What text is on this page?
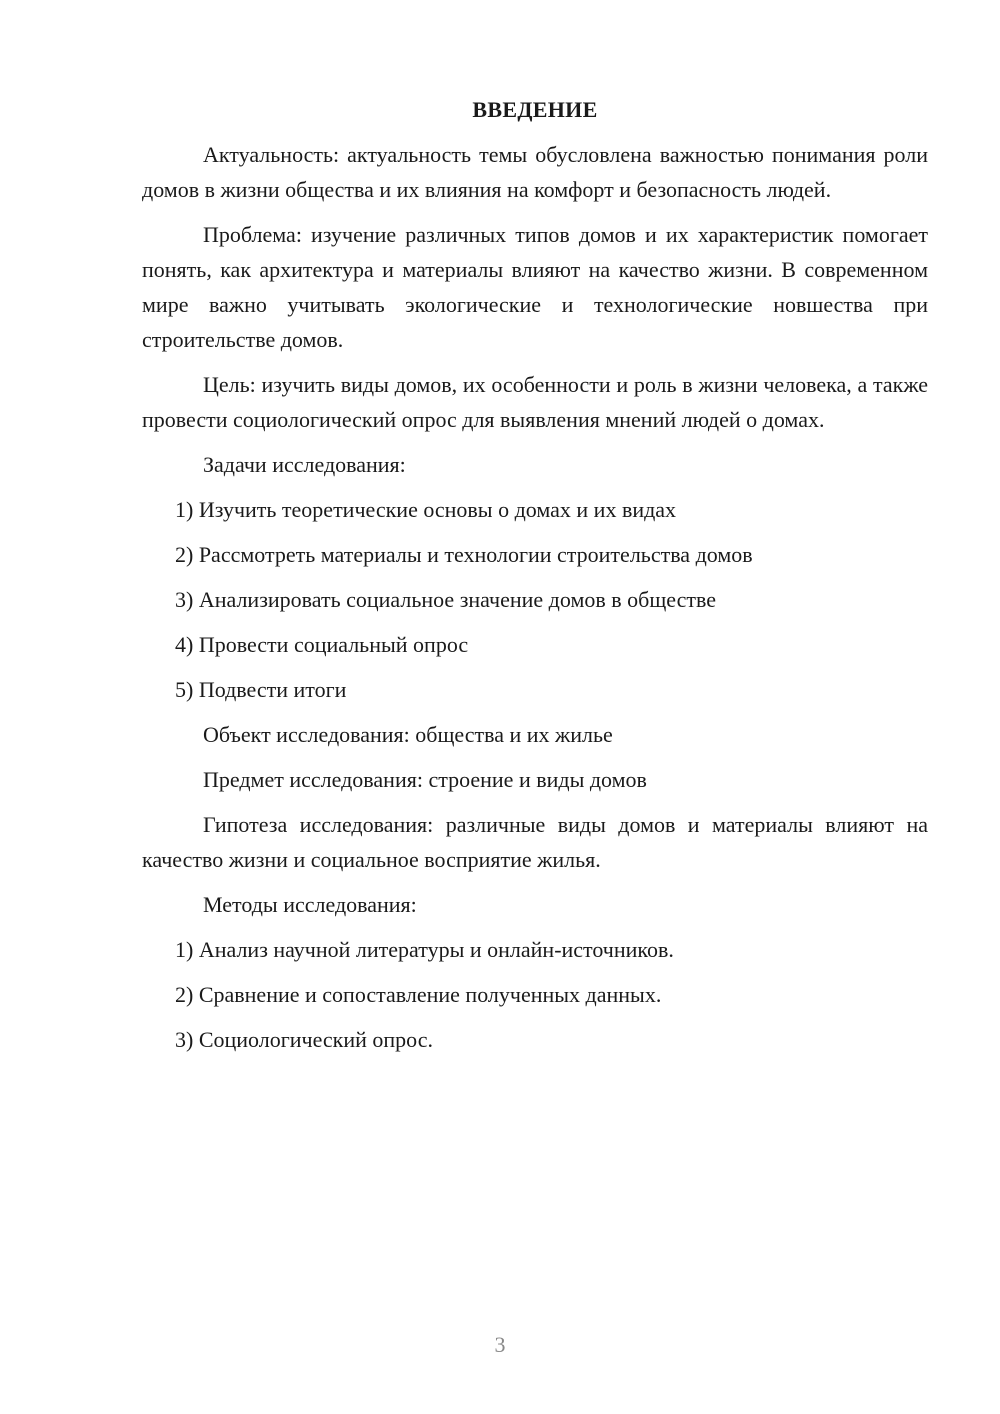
ВВЕДЕНИЕ

Актуальность: актуальность темы обусловлена важностью понимания роли домов в жизни общества и их влияния на комфорт и безопасность людей.

Проблема: изучение различных типов домов и их характеристик помогает понять, как архитектура и материалы влияют на качество жизни. В современном мире важно учитывать экологические и технологические новшества при строительстве домов.

Цель: изучить виды домов, их особенности и роль в жизни человека, а также провести социологический опрос для выявления мнений людей о домах.

Задачи исследования:
1) Изучить теоретические основы о домах и их видах
2) Рассмотреть материалы и технологии строительства домов
3) Анализировать социальное значение домов в обществе
4) Провести социальный опрос
5) Подвести итоги
Объект исследования: общества и их жилье
Предмет исследования: строение и виды домов

Гипотеза исследования: различные виды домов и материалы влияют на качество жизни и социальное восприятие жилья.

Методы исследования:
1) Анализ научной литературы и онлайн-источников.
2) Сравнение и сопоставление полученных данных.
3) Социологический опрос.
3
